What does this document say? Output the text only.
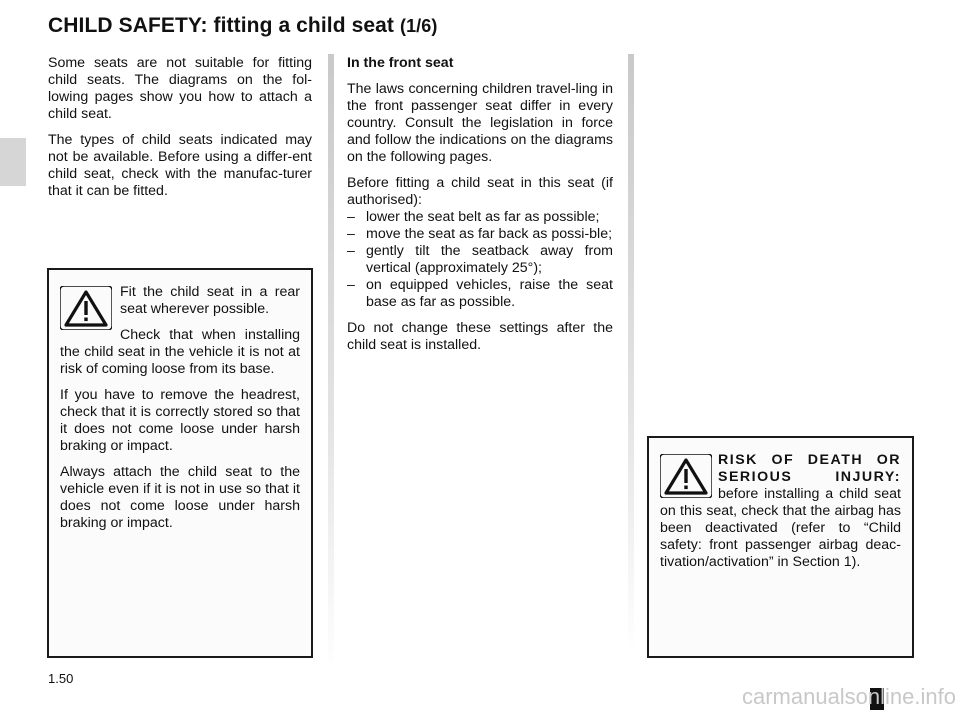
CHILD SAFETY: fitting a child seat (1/6)

Some seats are not suitable for fitting child seats. The diagrams on the fol-lowing pages show you how to attach a child seat.

The types of child seats indicated may not be available. Before using a differ-ent child seat, check with the manufac-turer that it can be fitted.

Fit the child seat in a rear seat wherever possible.

Check that when installing the child seat in the vehicle it is not at risk of coming loose from its base.

If you have to remove the headrest, check that it is correctly stored so that it does not come loose under harsh braking or impact.

Always attach the child seat to the vehicle even if it is not in use so that it does not come loose under harsh braking or impact.

In the front seat

The laws concerning children travel-ling in the front passenger seat differ in every country. Consult the legislation in force and follow the indications on the diagrams on the following pages.

Before fitting a child seat in this seat (if authorised):

– lower the seat belt as far as possible;
– move the seat as far back as possi-ble;
– gently tilt the seatback away from vertical (approximately 25°);
– on equipped vehicles, raise the seat base as far as possible.

Do not change these settings after the child seat is installed.

RISK OF DEATH OR SERIOUS INJURY: before installing a child seat on this seat, check that the airbag has been deactivated (refer to “Child safety: front passenger airbag deac-tivation/activation” in Section 1).

1.50
carmanualsonline.info
